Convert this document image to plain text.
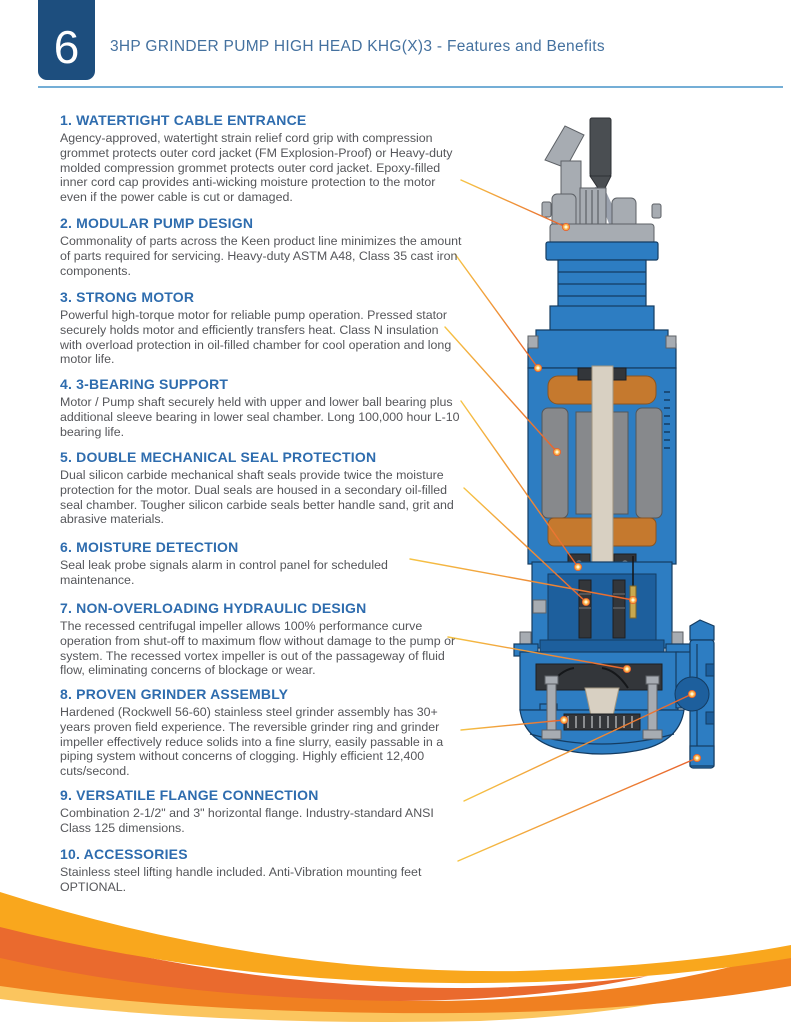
6 3HP GRINDER PUMP HIGH HEAD KHG(X)3 - Features and Benefits
1. WATERTIGHT CABLE ENTRANCE

Agency-approved, watertight strain relief cord grip with compression grommet protects outer cord jacket (FM Explosion-Proof) or Heavy-duty molded compression grommet protects outer cord jacket. Epoxy-filled inner cord cap provides anti-wicking moisture protection to the motor even if the power cable is cut or damaged.

2. MODULAR PUMP DESIGN

Commonality of parts across the Keen product line minimizes the amount of parts required for servicing. Heavy-duty ASTM A48, Class 35 cast iron components.

3. STRONG MOTOR

Powerful high-torque motor for reliable pump operation. Pressed stator securely holds motor and efficiently transfers heat. Class N insulation with overload protection in oil-filled chamber for cool operation and long motor life.

4. 3-BEARING SUPPORT

Motor / Pump shaft securely held with upper and lower ball bearing plus additional sleeve bearing in lower seal chamber. Long 100,000 hour L-10 bearing life.

5. DOUBLE MECHANICAL SEAL PROTECTION

Dual silicon carbide mechanical shaft seals provide twice the moisture protection for the motor. Dual seals are housed in a secondary oil-filled seal chamber. Tougher silicon carbide seals better handle sand, grit and abrasive materials.

6. MOISTURE DETECTION

Seal leak probe signals alarm in control panel for scheduled maintenance.

7. NON-OVERLOADING HYDRAULIC DESIGN

The recessed centrifugal impeller allows 100% performance curve operation from shut-off to maximum flow without damage to the pump or system. The recessed vortex impeller is out of the passageway of fluid flow, eliminating concerns of blockage or wear.

8. PROVEN GRINDER ASSEMBLY

Hardened (Rockwell 56-60) stainless steel grinder assembly has 30+ years proven field experience. The reversible grinder ring and grinder impeller effectively reduce solids into a fine slurry, easily passable in a piping system without concerns of clogging. Highly efficient 12,400 cuts/second.

9. VERSATILE FLANGE CONNECTION

Combination 2-1/2" and 3" horizontal flange. Industry-standard ANSI Class 125 dimensions.

10. ACCESSORIES

Stainless steel lifting handle included. Anti-Vibration mounting feet OPTIONAL.
